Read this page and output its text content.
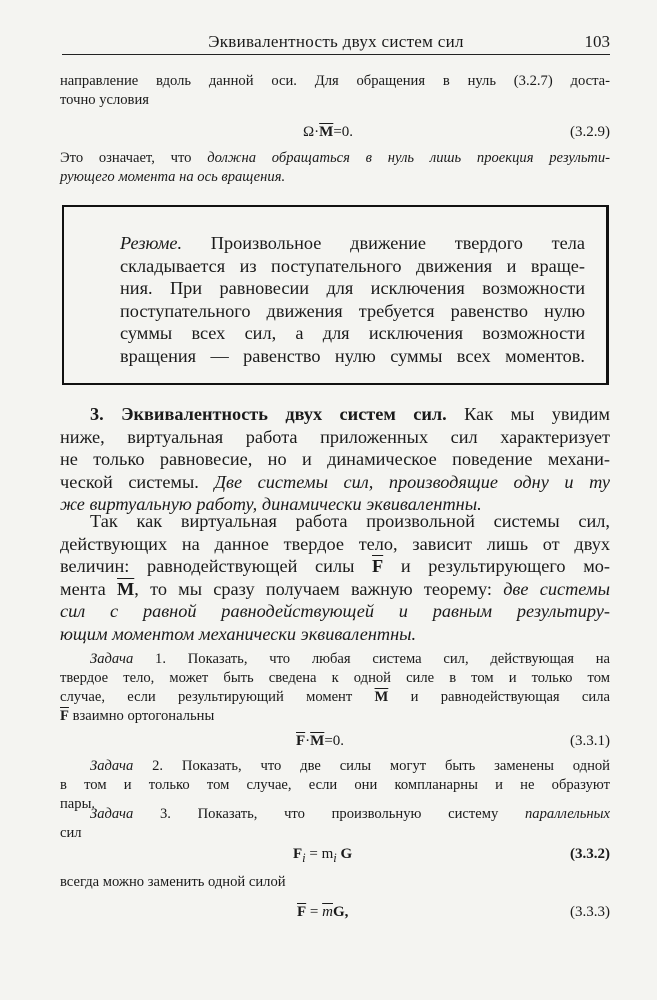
Эквивалентность двух систем сил	103

направление вдоль данной оси. Для обращения в нуль (3.2.7) доста-
точно условия

$\Omega\cdot\overline{M}=0$.	(3.2.9)

Это означает, что должна обращаться в нуль лишь проекция результи-
рующего момента на ось вращения.

Резюме. Произвольное движение твердого тела
складывается из поступательного движения и враще-
ния. При равновесии для исключения возможности
поступательного движения требуется равенство нулю
суммы всех сил, а для исключения возможности
вращения — равенство нулю суммы всех моментов.

3. Эквивалентность двух систем сил. Как мы увидим
ниже, виртуальная работа приложенных сил характеризует
не только равновесие, но и динамическое поведение механи-
ческой системы. Две системы сил, производящие одну и ту
же виртуальную работу, динамически эквивалентны.

Так как виртуальная работа произвольной системы сил,
действующих на данное твердое тело, зависит лишь от двух
величин: равнодействующей силы $\overline{F}$ и результирующего мо-
мента $\overline{M}$, то мы сразу получаем важную теорему: две системы
сил с равной равнодействующей и равным результиру-
ющим моментом механически эквивалентны.

Задача 1. Показать, что любая система сил, действующая на
твердое тело, может быть сведена к одной силе в том и только том
случае, если результирующий момент $\overline{M}$ и равнодействующая сила
$\overline{F}$ взаимно ортогональны

$\overline{F}\cdot\overline{M}=0$.	(3.3.1)

Задача 2. Показать, что две силы могут быть заменены одной
в том и только том случае, если они компланарны и не образуют
пары.

Задача 3. Показать, что произвольную систему параллельных
сил

$F_i = m_i$ G	(3.3.2)

всегда можно заменить одной силой

$\overline{F} = \overline{m}G$,	(3.3.3)
